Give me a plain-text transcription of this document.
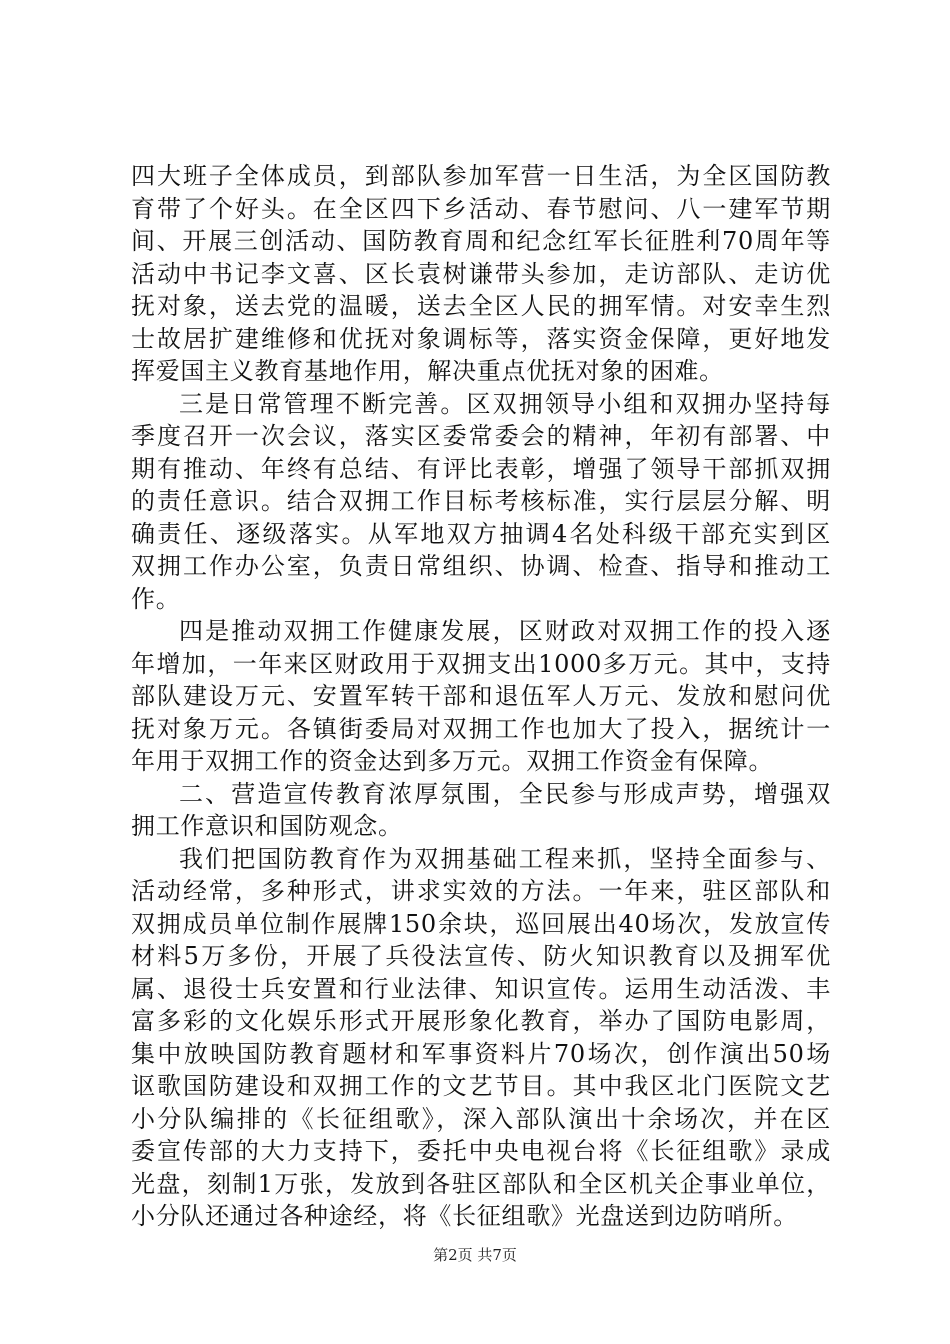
四大班子全体成员，到部队参加军营一日生活，为全区国防教
育带了个好头。在全区四下乡活动、春节慰问、八一建军节期
间、开展三创活动、国防教育周和纪念红军长征胜利70周年等
活动中书记李文喜、区长袁树谦带头参加，走访部队、走访优
抚对象，送去党的温暖，送去全区人民的拥军情。对安幸生烈
士故居扩建维修和优抚对象调标等，落实资金保障，更好地发
挥爱国主义教育基地作用，解决重点优抚对象的困难。
三是日常管理不断完善。区双拥领导小组和双拥办坚持每
季度召开一次会议，落实区委常委会的精神，年初有部署、中
期有推动、年终有总结、有评比表彰，增强了领导干部抓双拥
的责任意识。结合双拥工作目标考核标准，实行层层分解、明
确责任、逐级落实。从军地双方抽调4名处科级干部充实到区
双拥工作办公室，负责日常组织、协调、检查、指导和推动工
作。
四是推动双拥工作健康发展，区财政对双拥工作的投入逐
年增加，一年来区财政用于双拥支出1000多万元。其中，支持
部队建设万元、安置军转干部和退伍军人万元、发放和慰问优
抚对象万元。各镇街委局对双拥工作也加大了投入，据统计一
年用于双拥工作的资金达到多万元。双拥工作资金有保障。
二、营造宣传教育浓厚氛围，全民参与形成声势，增强双
拥工作意识和国防观念。
我们把国防教育作为双拥基础工程来抓，坚持全面参与、
活动经常，多种形式，讲求实效的方法。一年来，驻区部队和
双拥成员单位制作展牌150余块，巡回展出40场次，发放宣传
材料5万多份，开展了兵役法宣传、防火知识教育以及拥军优
属、退役士兵安置和行业法律、知识宣传。运用生动活泼、丰
富多彩的文化娱乐形式开展形象化教育，举办了国防电影周，
集中放映国防教育题材和军事资料片70场次，创作演出50场
讴歌国防建设和双拥工作的文艺节目。其中我区北门医院文艺
小分队编排的《长征组歌》，深入部队演出十余场次，并在区
委宣传部的大力支持下，委托中央电视台将《长征组歌》录成
光盘，刻制1万张，发放到各驻区部队和全区机关企事业单位，
小分队还通过各种途经，将《长征组歌》光盘送到边防哨所。
第2页 共7页
